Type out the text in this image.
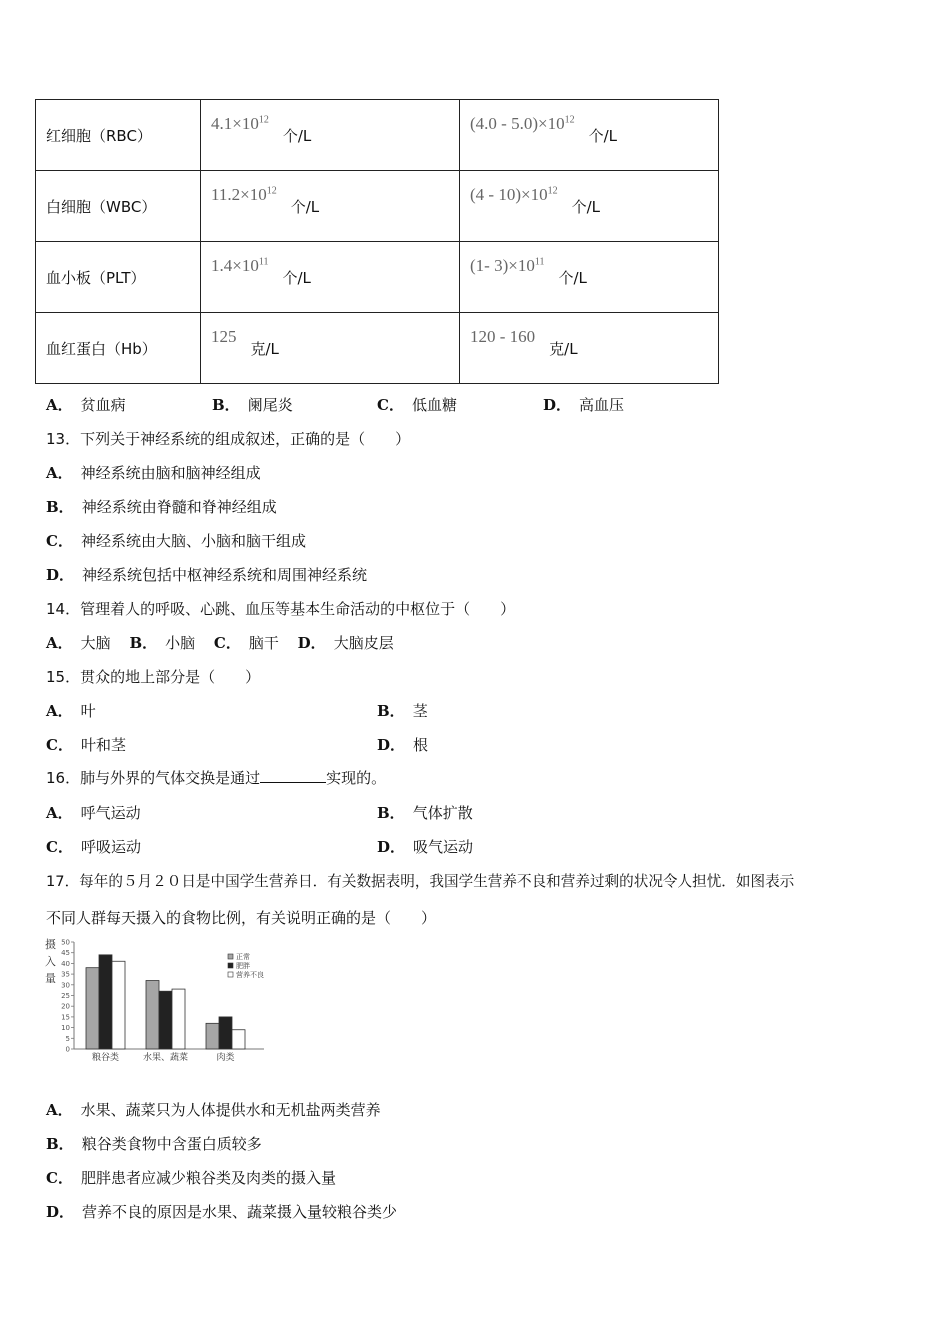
红细胞（RBC）	$4.1\times 10^{12}$个/L	$(4.0 - 5.0)\times 10^{12}$个/L
白细胞（WBC）	$11.2\times 10^{12}$个/L	$(4 - 10)\times 10^{12}$个/L
血小板（PLT）	$1.4\times 10^{11}$个/L	(1- $3)\times 10^{11}$个/L
血红蛋白（Hb）	125克/L	120 - 160克/L
A． 贫血病	B． 阑尾炎	C． 低血糖	D． 高血压
13．下列关于神经系统的组成叙述，正确的是（　　）
A． 神经系统由脑和脑神经组成
B． 神经系统由脊髓和脊神经组成
C． 神经系统由大脑、小脑和脑干组成
D． 神经系统包括中枢神经系统和周围神经系统
14．管理着人的呼吸、心跳、血压等基本生命活动的中枢位于（　　）
A． 大脑 B． 小脑 C． 脑干 D． 大脑皮层
15．贯众的地上部分是（　　）
A． 叶	B． 茎
C． 叶和茎	D． 根
16．肺与外界的气体交换是通过	实现的。
A． 呼气运动	B． 气体扩散
C． 呼吸运动	D． 吸气运动
17．每年的５月２０日是中国学生营养日．有关数据表明，我国学生营养不良和营养过剩的状况令人担忧．如图表示
不同人群每天摄入的食物比例，有关说明正确的是（　　）
摄
入
量
0
5
10
15
20
25
30
35
40
45
50
粮谷类	水果、蔬菜	肉类
正常
肥胖
营养不良
A． 水果、蔬菜只为人体提供水和无机盐两类营养
B． 粮谷类食物中含蛋白质较多
C． 肥胖患者应减少粮谷类及肉类的摄入量
D． 营养不良的原因是水果、蔬菜摄入量较粮谷类少
